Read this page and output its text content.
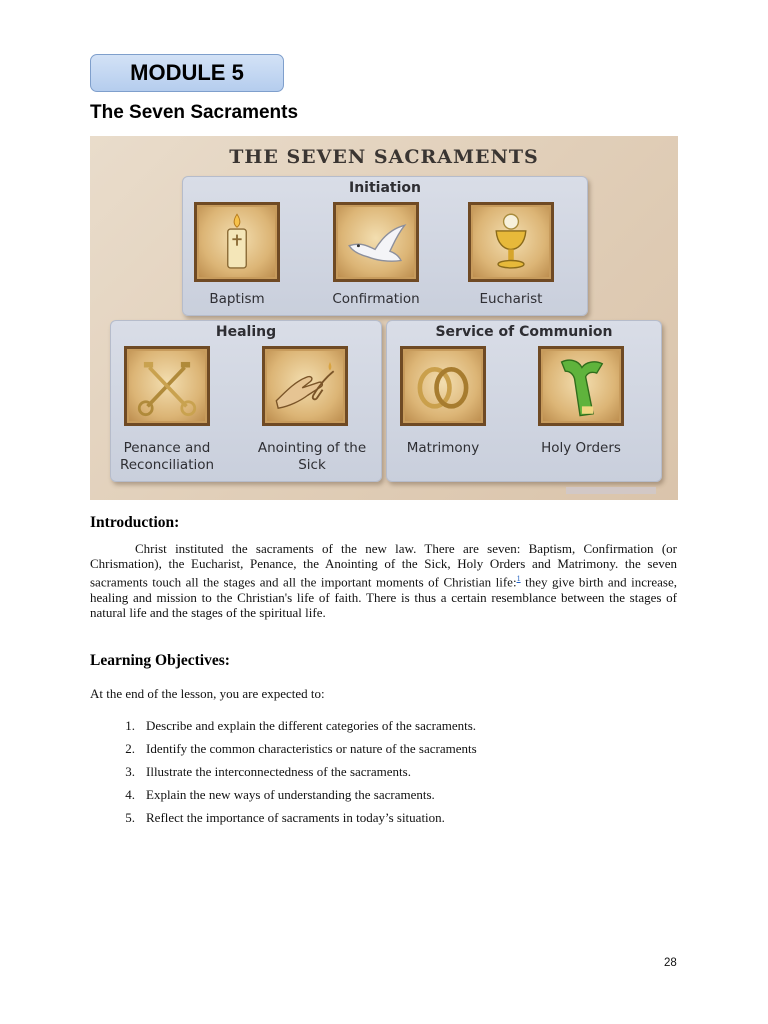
MODULE 5
The Seven Sacraments
THE SEVEN SACRAMENTS
Initiation
Baptism	Confirmation	Eucharist
Healing
Penance and Reconciliation
Anointing of the Sick
Service of Communion
Matrimony	Holy Orders
Introduction:

Christ instituted the sacraments of the new law. There are seven: Baptism, Confirmation (or Chrismation), the Eucharist, Penance, the Anointing of the Sick, Holy Orders and Matrimony. the seven sacraments touch all the stages and all the important moments of Christian life:$^1$ they give birth and increase, healing and mission to the Christian's life of faith. There is thus a certain resemblance between the stages of natural life and the stages of the spiritual life.

Learning Objectives:

At the end of the lesson, you are expected to:

1. Describe and explain the different categories of the sacraments.
2. Identify the common characteristics or nature of the sacraments
3. Illustrate the interconnectedness of the sacraments.
4. Explain the new ways of understanding the sacraments.
5. Reflect the importance of sacraments in today’s situation.
28
